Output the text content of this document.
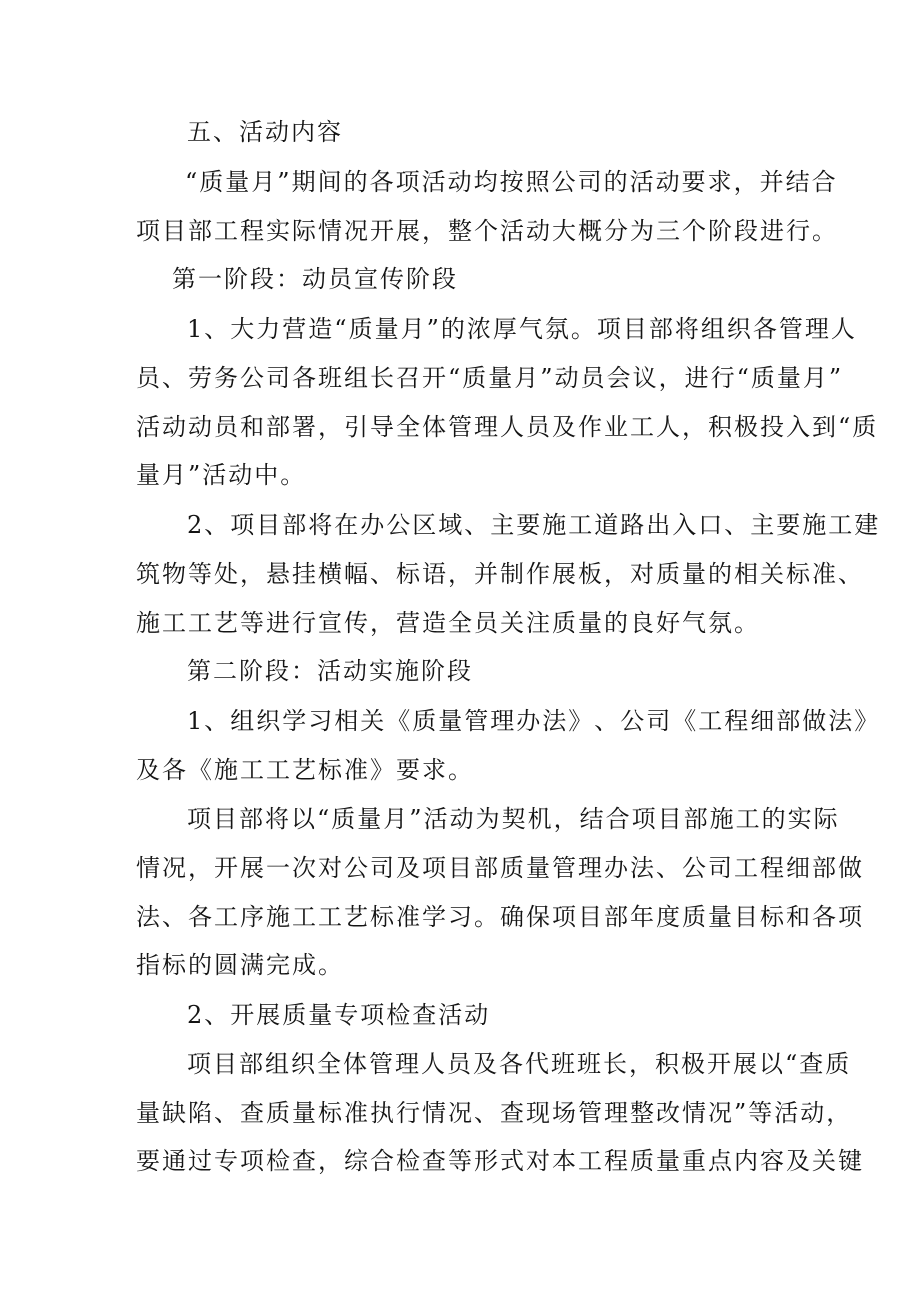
五、活动内容

“ 质 量 月 ” 期 间 的 各 项 活 动 均 按 照 公 司 的 活 动 要 求 ， 并 结 合

项 目 部 工 程 实 际 情 况 开 展 ， 整 个 活 动 大 概 分 为 三 个 阶 段 进 行 。

第一阶段：动员宣传阶段

1 、 大 力 营 造 “ 质 量 月 ” 的 浓 厚 气 氛 。 项 目 部 将 组 织 各 管 理 人

员 、 劳 务 公 司 各 班 组 长 召 开 “ 质 量 月 ” 动 员 会 议 ， 进 行 “ 质 量 月 ”

活 动 动 员 和 部 署 ， 引 导 全 体 管 理 人 员 及 作 业 工 人 ， 积 极 投 入 到 “ 质

量月”活动中。

2 、 项 目 部 将 在 办 公 区 域 、 主 要 施 工 道 路 出 入 口 、 主 要 施 工 建

筑 物 等 处 ， 悬 挂 横 幅 、 标 语 ， 并 制 作 展 板 ， 对 质 量 的 相 关 标 准 、

施工工艺等进行宣传，营造全员关注质量的良好气氛。

第二阶段：活动实施阶段

1 、 组 织 学 习 相 关 《 质 量 管 理 办 法 》 、 公 司 《 工 程 细 部 做 法 》

及各《施工工艺标准》要求。

项 目 部 将 以 “ 质 量 月 ” 活 动 为 契 机 ， 结 合 项 目 部 施 工 的 实 际

情 况 ， 开 展 一 次 对 公 司 及 项 目 部 质 量 管 理 办 法 、 公 司 工 程 细 部 做

法 、 各 工 序 施 工 工 艺 标 准 学 习 。 确 保 项 目 部 年 度 质 量 目 标 和 各 项

指标的圆满完成。

2、开展质量专项检查活动

项 目 部 组 织 全 体 管 理 人 员 及 各 代 班 班 长 ， 积 极 开 展 以 “ 查 质

量 缺 陷 、 查 质 量 标 准 执 行 情 况 、 查 现 场 管 理 整 改 情 况 ” 等 活 动 ，

要 通 过 专 项 检 查 ， 综 合 检 查 等 形 式 对 本 工 程 质 量 重 点 内 容 及 关 键
